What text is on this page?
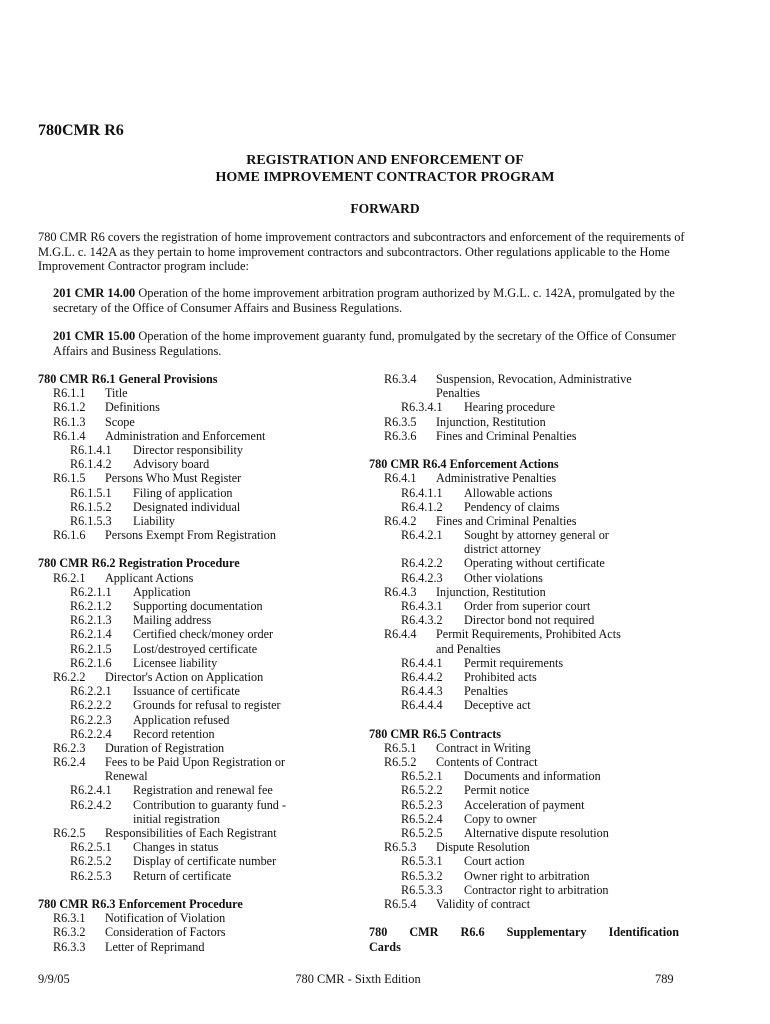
780CMR R6
REGISTRATION AND ENFORCEMENT OF
HOME IMPROVEMENT CONTRACTOR PROGRAM
FORWARD
780 CMR R6 covers the registration of home improvement contractors and subcontractors and enforcement of the requirements of M.G.L. c. 142A as they pertain to home improvement contractors and subcontractors. Other regulations applicable to the Home Improvement Contractor program include:
201 CMR 14.00 Operation of the home improvement arbitration program authorized by M.G.L. c. 142A, promulgated by the secretary of the Office of Consumer Affairs and Business Regulations.
201 CMR 15.00 Operation of the home improvement guaranty fund, promulgated by the secretary of the Office of Consumer Affairs and Business Regulations.
780 CMR R6.1 General Provisions
R6.1.1 Title
R6.1.2 Definitions
R6.1.3 Scope
R6.1.4 Administration and Enforcement
R6.1.4.1 Director responsibility
R6.1.4.2 Advisory board
R6.1.5 Persons Who Must Register
R6.1.5.1 Filing of application
R6.1.5.2 Designated individual
R6.1.5.3 Liability
R6.1.6 Persons Exempt From Registration
780 CMR R6.2 Registration Procedure
R6.2.1 Applicant Actions
R6.2.1.1 Application
R6.2.1.2 Supporting documentation
R6.2.1.3 Mailing address
R6.2.1.4 Certified check/money order
R6.2.1.5 Lost/destroyed certificate
R6.2.1.6 Licensee liability
R6.2.2 Director's Action on Application
R6.2.2.1 Issuance of certificate
R6.2.2.2 Grounds for refusal to register
R6.2.2.3 Application refused
R6.2.2.4 Record retention
R6.2.3 Duration of Registration
R6.2.4 Fees to be Paid Upon Registration or
Renewal
R6.2.4.1 Registration and renewal fee
R6.2.4.2 Contribution to guaranty fund -
initial registration
R6.2.5 Responsibilities of Each Registrant
R6.2.5.1 Changes in status
R6.2.5.2 Display of certificate number
R6.2.5.3 Return of certificate
780 CMR R6.3 Enforcement Procedure
R6.3.1 Notification of Violation
R6.3.2 Consideration of Factors
R6.3.3 Letter of Reprimand
R6.3.4 Suspension, Revocation, Administrative
Penalties
R6.3.4.1 Hearing procedure
R6.3.5 Injunction, Restitution
R6.3.6 Fines and Criminal Penalties
780 CMR R6.4 Enforcement Actions
R6.4.1 Administrative Penalties
R6.4.1.1 Allowable actions
R6.4.1.2 Pendency of claims
R6.4.2 Fines and Criminal Penalties
R6.4.2.1 Sought by attorney general or
district attorney
R6.4.2.2 Operating without certificate
R6.4.2.3 Other violations
R6.4.3 Injunction, Restitution
R6.4.3.1 Order from superior court
R6.4.3.2 Director bond not required
R6.4.4 Permit Requirements, Prohibited Acts
and Penalties
R6.4.4.1 Permit requirements
R6.4.4.2 Prohibited acts
R6.4.4.3 Penalties
R6.4.4.4 Deceptive act
780 CMR R6.5 Contracts
R6.5.1 Contract in Writing
R6.5.2 Contents of Contract
R6.5.2.1 Documents and information
R6.5.2.2 Permit notice
R6.5.2.3 Acceleration of payment
R6.5.2.4 Copy to owner
R6.5.2.5 Alternative dispute resolution
R6.5.3 Dispute Resolution
R6.5.3.1 Court action
R6.5.3.2 Owner right to arbitration
R6.5.3.3 Contractor right to arbitration
R6.5.4 Validity of contract
780 CMR R6.6 Supplementary Identification
Cards
9/9/05	780 CMR - Sixth Edition	789
